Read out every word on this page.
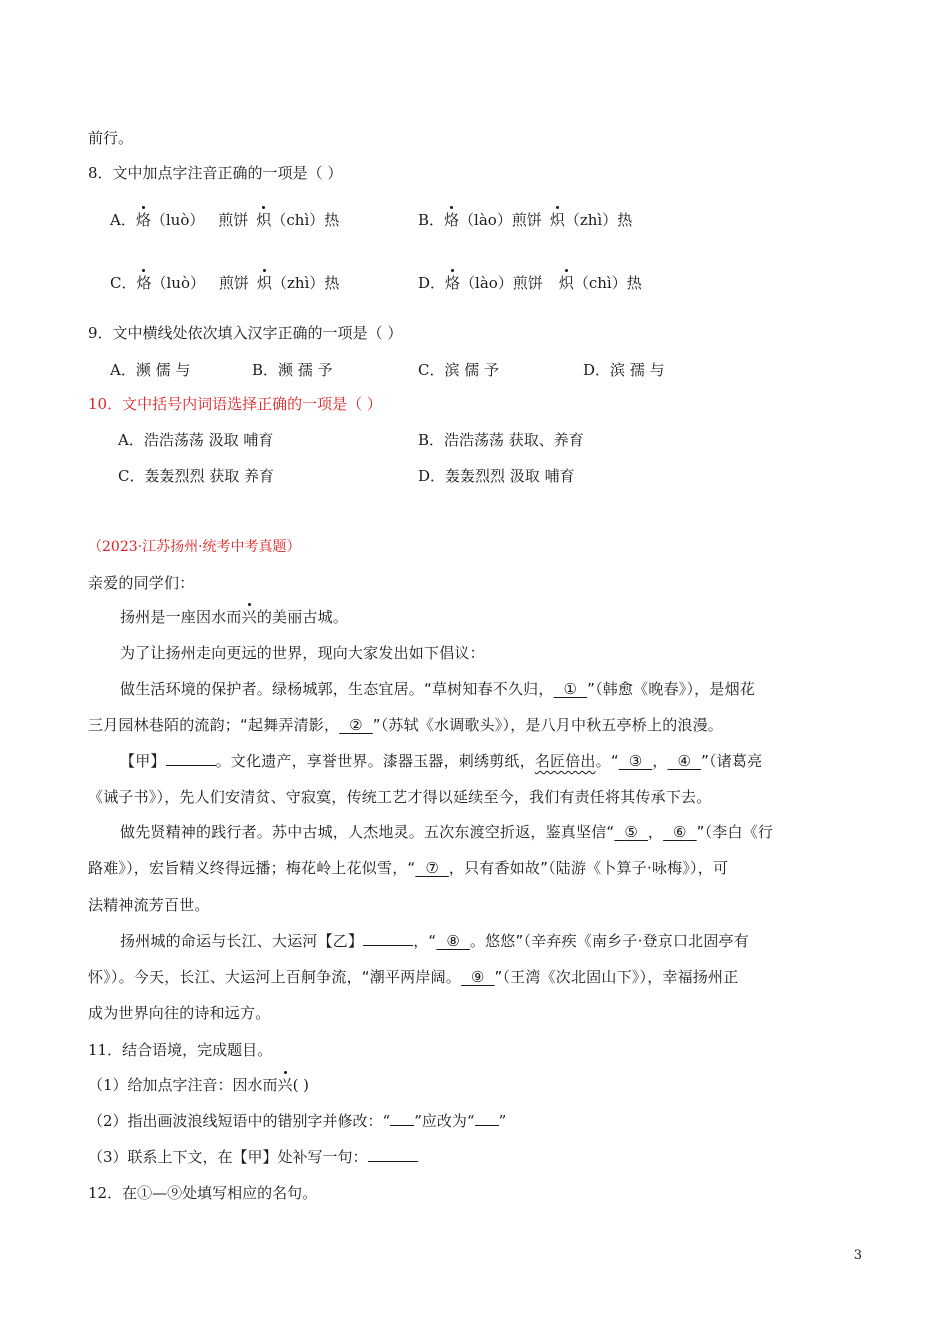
前行。
8．文中加点字注音正确的一项是（ ）
A．烙（luò） 煎饼 炽（chì）热	B．烙（lào）煎饼 炽（zhì）热
C．烙（luò） 煎饼 炽（zhì）热	D．烙（lào）煎饼 炽（chì）热
9．文中横线处依次填入汉字正确的一项是（ ）
A．濒 儒 与	B．濒 孺 予	C．滨 儒 予	D．滨 孺 与
10．文中括号内词语选择正确的一项是（ ）
A．浩浩荡荡 汲取 哺育	B．浩浩荡荡 获取、养育
C．轰轰烈烈 获取 养育	D．轰轰烈烈 汲取 哺育
（2023·江苏扬州·统考中考真题）
亲爱的同学们：
扬州是一座因水而兴的美丽古城。
为了让扬州走向更远的世界，现向大家发出如下倡议：
做生活环境的保护者。绿杨城郭，生态宜居。“草树知春不久归， ① ”（韩愈《晚春》），是烟花
三月园林巷陌的流韵；“起舞弄清影， ② ”（苏轼《水调歌头》），是八月中秋五亭桥上的浪漫。
【甲】	。文化遗产，享誉世界。漆器玉器，刺绣剪纸，名匠倍出。“ ③ ， ④ ”（诸葛亮
《诫子书》），先人们安清贫、守寂寞，传统工艺才得以延续至今，我们有责任将其传承下去。
做先贤精神的践行者。苏中古城，人杰地灵。五次东渡空折返，鉴真坚信“ ⑤ ， ⑥ ”（李白《行
路难》），宏旨精义终得远播；梅花岭上花似雪，“ ⑦ ，只有香如故”（陆游《卜算子·咏梅》），可
法精神流芳百世。
扬州城的命运与长江、大运河【乙】	，“ ⑧ 。悠悠”（辛弃疾《南乡子·登京口北固亭有
怀》）。今天，长江、大运河上百舸争流，“潮平两岸阔。 ⑨ ”（王湾《次北固山下》），幸福扬州正
成为世界向往的诗和远方。
11．结合语境，完成题目。
（1）给加点字注音：因水而兴( )
（2）指出画波浪线短语中的错别字并修改：“ ”应改为“ ”
（3）联系上下文，在【甲】处补写一句：
12．在①—⑨处填写相应的名句。
3
